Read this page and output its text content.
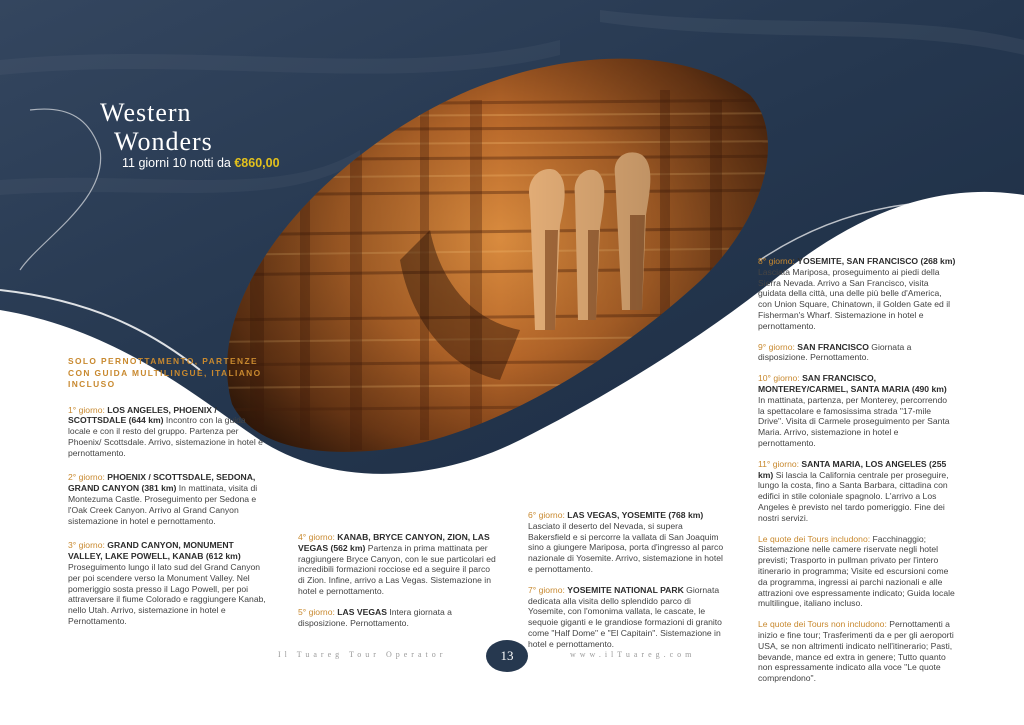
Western
Wonders
11 giorni 10 notti da €860,00

SOLO PERNOTTAMENTO, PARTENZE CON GUIDA MULTILINGUE, ITALIANO INCLUSO

1° giorno: LOS ANGELES, PHOENIX / SCOTTSDALE (644 km) Incontro con la guida locale e con il resto del gruppo. Partenza per Phoenix/ Scottsdale. Arrivo, sistemazione in hotel e pernottamento.

2° giorno: PHOENIX / SCOTTSDALE, SEDONA, GRAND CANYON (381 km) In mattinata, visita di Montezuma Castle. Proseguimento per Sedona e l'Oak Creek Canyon. Arrivo al Grand Canyon sistemazione in hotel e pernottamento.

3° giorno: GRAND CANYON, MONUMENT VALLEY, LAKE POWELL, KANAB (612 km) Proseguimento lungo il lato sud del Grand Canyon per poi scendere verso la Monument Valley. Nel pomeriggio sosta presso il Lago Powell, per poi attraversare il fiume Colorado e raggiungere Kanab, nello Utah. Arrivo, sistemazione in hotel e Pernottamento.

4° giorno: KANAB, BRYCE CANYON, ZION, LAS VEGAS (562 km) Partenza in prima mattinata per raggiungere Bryce Canyon, con le sue particolari ed incredibili formazioni rocciose ed a seguire il parco di Zion. Infine, arrivo a Las Vegas. Sistemazione in hotel e pernottamento.

5° giorno: LAS VEGAS Intera giornata a disposizione. Pernottamento.

6° giorno: LAS VEGAS, YOSEMITE (768 km) Lasciato il deserto del Nevada, si supera Bakersfield e si percorre la vallata di San Joaquim sino a giungere Mariposa, porta d'ingresso al parco nazionale di Yosemite. Arrivo, sistemazione in hotel e pernottamento.

7° giorno: YOSEMITE NATIONAL PARK Giornata dedicata alla visita dello splendido parco di Yosemite, con l'omonima vallata, le cascate, le sequoie giganti e le grandiose formazioni di granito come "Half Dome" e "El Capitain". Sistemazione in hotel e pernottamento.

8° giorno: YOSEMITE, SAN FRANCISCO (268 km) Lasciata Mariposa, proseguimento ai piedi della Sierra Nevada. Arrivo a San Francisco, visita guidata della città, una delle più belle d'America, con Union Square, Chinatown, il Golden Gate ed il Fisherman's Wharf. Sistemazione in hotel e pernottamento.

9° giorno: SAN FRANCISCO Giornata a disposizione. Pernottamento.

10° giorno: SAN FRANCISCO, MONTEREY/CARMEL, SANTA MARIA (490 km) In mattinata, partenza, per Monterey, percorrendo la spettacolare e famosissima strada "17-mile Drive". Visita di Carmele proseguimento per Santa Maria. Arrivo, sistemazione in hotel e pernottamento.

11° giorno: SANTA MARIA, LOS ANGELES (255 km) Si lascia la California centrale per proseguire, lungo la costa, fino a Santa Barbara, cittadina con edifici in stile coloniale spagnolo. L'arrivo a Los Angeles è previsto nel tardo pomeriggio. Fine dei nostri servizi.

Le quote dei Tours includono: Facchinaggio; Sistemazione nelle camere riservate negli hotel previsti; Trasporto in pullman privato per l'intero itinerario in programma; Visite ed escursioni come da programma, ingressi ai parchi nazionali e alle attrazioni ove espressamente indicato; Guida locale multilingue, italiano incluso.

Le quote dei Tours non includono: Pernottamenti a inizio e fine tour; Trasferimenti da e per gli aeroporti USA, se non altrimenti indicato nell'itinerario; Pasti, bevande, mance ed extra in genere; Tutto quanto non espressamente indicato alla voce "Le quote comprendono".

Il Tuareg Tour Operator	13	www.ilTuareg.com
